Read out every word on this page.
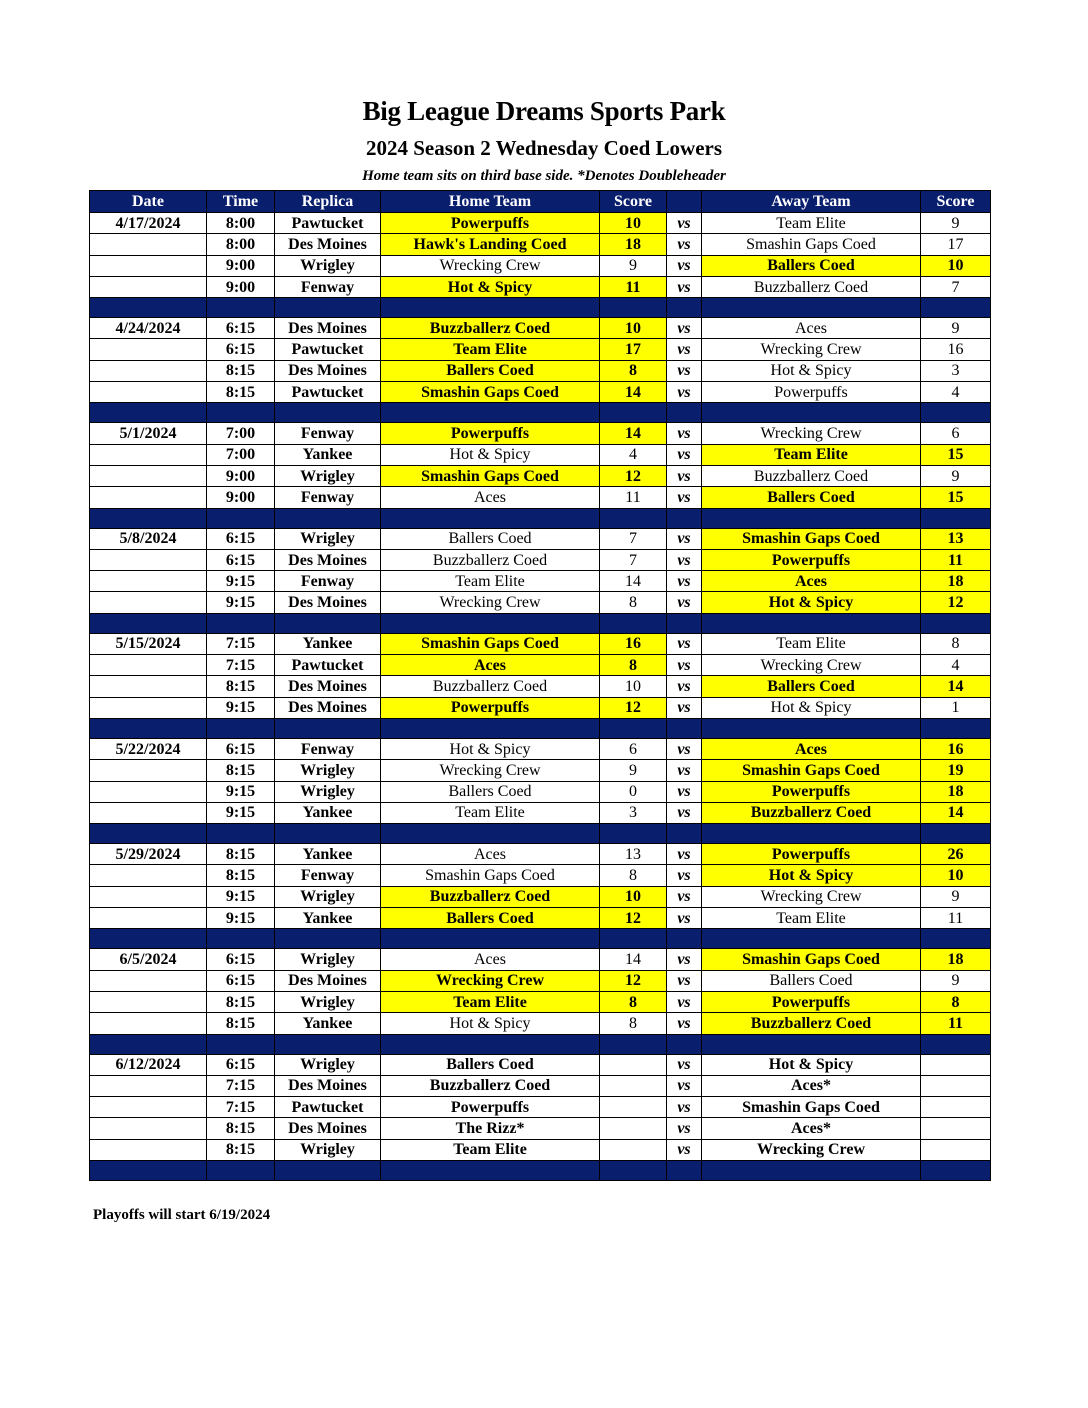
Big League Dreams Sports Park
2024 Season 2 Wednesday Coed Lowers
Home team sits on third base side. *Denotes Doubleheader
Date	Time	Replica	Home Team	Score		Away Team	Score
4/17/2024	8:00	Pawtucket	Powerpuffs	10	vs	Team Elite	9
	8:00	Des Moines	Hawk's Landing Coed	18	vs	Smashin Gaps Coed	17
	9:00	Wrigley	Wrecking Crew	9	vs	Ballers Coed	10
	9:00	Fenway	Hot & Spicy	11	vs	Buzzballerz Coed	7

4/24/2024	6:15	Des Moines	Buzzballerz Coed	10	vs	Aces	9
	6:15	Pawtucket	Team Elite	17	vs	Wrecking Crew	16
	8:15	Des Moines	Ballers Coed	8	vs	Hot & Spicy	3
	8:15	Pawtucket	Smashin Gaps Coed	14	vs	Powerpuffs	4

5/1/2024	7:00	Fenway	Powerpuffs	14	vs	Wrecking Crew	6
	7:00	Yankee	Hot & Spicy	4	vs	Team Elite	15
	9:00	Wrigley	Smashin Gaps Coed	12	vs	Buzzballerz Coed	9
	9:00	Fenway	Aces	11	vs	Ballers Coed	15

5/8/2024	6:15	Wrigley	Ballers Coed	7	vs	Smashin Gaps Coed	13
	6:15	Des Moines	Buzzballerz Coed	7	vs	Powerpuffs	11
	9:15	Fenway	Team Elite	14	vs	Aces	18
	9:15	Des Moines	Wrecking Crew	8	vs	Hot & Spicy	12

5/15/2024	7:15	Yankee	Smashin Gaps Coed	16	vs	Team Elite	8
	7:15	Pawtucket	Aces	8	vs	Wrecking Crew	4
	8:15	Des Moines	Buzzballerz Coed	10	vs	Ballers Coed	14
	9:15	Des Moines	Powerpuffs	12	vs	Hot & Spicy	1

5/22/2024	6:15	Fenway	Hot & Spicy	6	vs	Aces	16
	8:15	Wrigley	Wrecking Crew	9	vs	Smashin Gaps Coed	19
	9:15	Wrigley	Ballers Coed	0	vs	Powerpuffs	18
	9:15	Yankee	Team Elite	3	vs	Buzzballerz Coed	14

5/29/2024	8:15	Yankee	Aces	13	vs	Powerpuffs	26
	8:15	Fenway	Smashin Gaps Coed	8	vs	Hot & Spicy	10
	9:15	Wrigley	Buzzballerz Coed	10	vs	Wrecking Crew	9
	9:15	Yankee	Ballers Coed	12	vs	Team Elite	11

6/5/2024	6:15	Wrigley	Aces	14	vs	Smashin Gaps Coed	18
	6:15	Des Moines	Wrecking Crew	12	vs	Ballers Coed	9
	8:15	Wrigley	Team Elite	8	vs	Powerpuffs	8
	8:15	Yankee	Hot & Spicy	8	vs	Buzzballerz Coed	11

6/12/2024	6:15	Wrigley	Ballers Coed		vs	Hot & Spicy	
	7:15	Des Moines	Buzzballerz Coed		vs	Aces*	
	7:15	Pawtucket	Powerpuffs		vs	Smashin Gaps Coed	
	8:15	Des Moines	The Rizz*		vs	Aces*	
	8:15	Wrigley	Team Elite		vs	Wrecking Crew	

Playoffs will start 6/19/2024
